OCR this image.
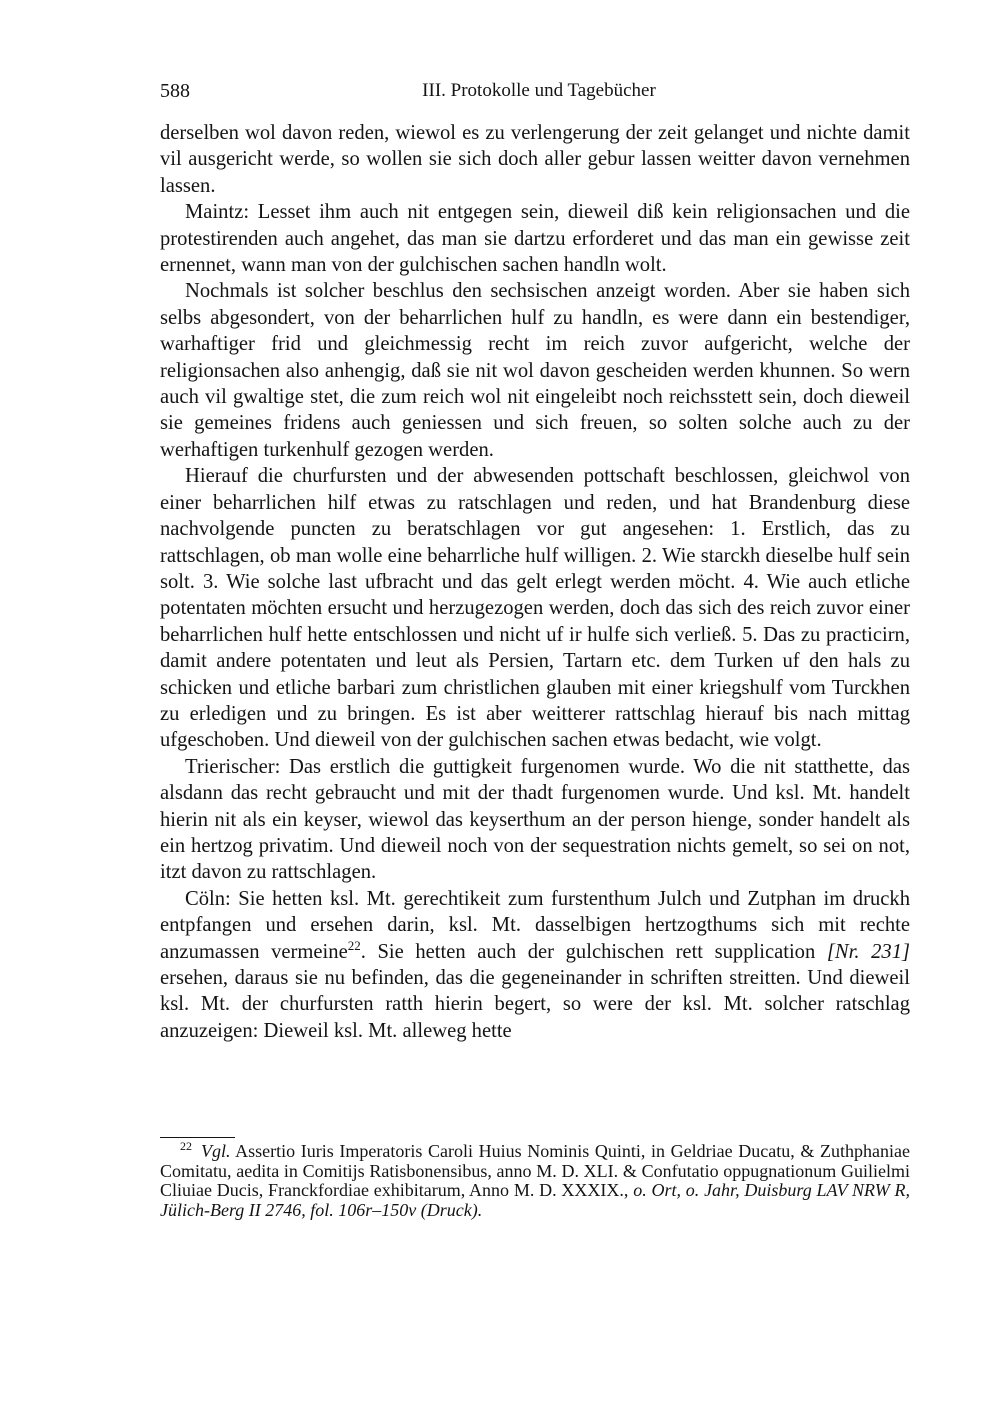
588	III. Protokolle und Tagebücher

derselben wol davon reden, wiewol es zu verlengerung der zeit gelanget und nichte damit vil ausgericht werde, so wollen sie sich doch aller gebur lassen weitter davon vernehmen lassen.

Maintz: Lesset ihm auch nit entgegen sein, dieweil diß kein religionsachen und die protestirenden auch angehet, das man sie dartzu erforderet und das man ein gewisse zeit ernennet, wann man von der gulchischen sachen handln wolt.

Nochmals ist solcher beschlus den sechsischen anzeigt worden. Aber sie haben sich selbs abgesondert, von der beharrlichen hulf zu handln, es were dann ein bestendiger, warhaftiger frid und gleichmessig recht im reich zuvor aufgericht, welche der religionsachen also anhengig, daß sie nit wol davon gescheiden werden khunnen. So wern auch vil gwaltige stet, die zum reich wol nit eingeleibt noch reichsstett sein, doch dieweil sie gemeines fridens auch geniessen und sich freuen, so solten solche auch zu der werhaftigen turkenhulf gezogen werden.

Hierauf die churfursten und der abwesenden pottschaft beschlossen, gleichwol von einer beharrlichen hilf etwas zu ratschlagen und reden, und hat Brandenburg diese nachvolgende puncten zu beratschlagen vor gut angesehen: 1. Erstlich, das zu rattschlagen, ob man wolle eine beharrliche hulf willigen. 2. Wie starckh dieselbe hulf sein solt. 3. Wie solche last ufbracht und das gelt erlegt werden möcht. 4. Wie auch etliche potentaten möchten ersucht und herzugezogen werden, doch das sich des reich zuvor einer beharrlichen hulf hette entschlossen und nicht uf ir hulfe sich verließ. 5. Das zu practicirn, damit andere potentaten und leut als Persien, Tartarn etc. dem Turken uf den hals zu schicken und etliche barbari zum christlichen glauben mit einer kriegshulf vom Turckhen zu erledigen und zu bringen. Es ist aber weitterer rattschlag hierauf bis nach mittag ufgeschoben. Und dieweil von der gulchischen sachen etwas bedacht, wie volgt.

Trierischer: Das erstlich die guttigkeit furgenomen wurde. Wo die nit statthette, das alsdann das recht gebraucht und mit der thadt furgenomen wurde. Und ksl. Mt. handelt hierin nit als ein keyser, wiewol das keyserthum an der person hienge, sonder handelt als ein hertzog privatim. Und dieweil noch von der sequestration nichts gemelt, so sei on not, itzt davon zu rattschlagen.

Cöln: Sie hetten ksl. Mt. gerechtikeit zum furstenthum Julch und Zutphan im druckh entpfangen und ersehen darin, ksl. Mt. dasselbigen hertzogthums sich mit rechte anzumassen vermeine$^{22}$. Sie hetten auch der gulchischen rett supplication [Nr. 231] ersehen, daraus sie nu befinden, das die gegeneinander in schriften streitten. Und dieweil ksl. Mt. der churfursten ratth hierin begert, so were der ksl. Mt. solcher ratschlag anzuzeigen: Dieweil ksl. Mt. alleweg hette

$^{22}$  Vgl. Assertio Iuris Imperatoris Caroli Huius Nominis Quinti, in Geldriae Ducatu, & Zuthphaniae Comitatu, aedita in Comitijs Ratisbonensibus, anno M. D. XLI. & Confutatio oppugnationum Guilielmi Cliuiae Ducis, Franckfordiae exhibitarum, Anno M. D. XXXIX., o. Ort, o. Jahr, Duisburg LAV NRW R, Jülich-Berg II 2746, fol. 106r–150v (Druck).
